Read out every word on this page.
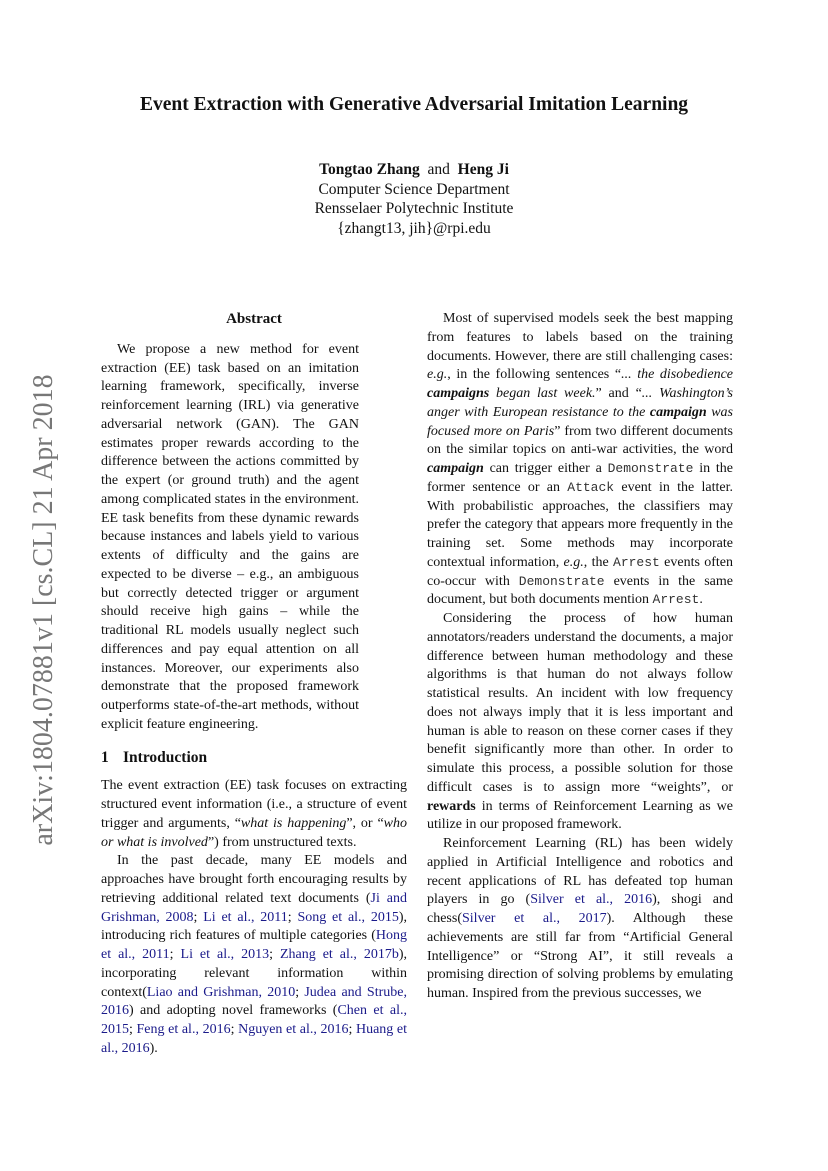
Event Extraction with Generative Adversarial Imitation Learning
Tongtao Zhang and Heng Ji
Computer Science Department
Rensselaer Polytechnic Institute
{zhangt13, jih}@rpi.edu
arXiv:1804.07881v1 [cs.CL] 21 Apr 2018
Abstract

We propose a new method for event extraction (EE) task based on an imitation learning framework, specifically, inverse reinforcement learning (IRL) via generative adversarial network (GAN). The GAN estimates proper rewards according to the difference between the actions committed by the expert (or ground truth) and the agent among complicated states in the environment. EE task benefits from these dynamic rewards because instances and labels yield to various extents of difficulty and the gains are expected to be diverse – e.g., an ambiguous but correctly detected trigger or argument should receive high gains – while the traditional RL models usually neglect such differences and pay equal attention on all instances. Moreover, our experiments also demonstrate that the proposed framework outperforms state-of-the-art methods, without explicit feature engineering.

1 Introduction

The event extraction (EE) task focuses on extracting structured event information (i.e., a structure of event trigger and arguments, “what is happening”, or “who or what is involved”) from unstructured texts.

In the past decade, many EE models and approaches have brought forth encouraging results by retrieving additional related text documents (Ji and Grishman, 2008; Li et al., 2011; Song et al., 2015), introducing rich features of multiple categories (Hong et al., 2011; Li et al., 2013; Zhang et al., 2017b), incorporating relevant information within context(Liao and Grishman, 2010; Judea and Strube, 2016) and adopting novel frameworks (Chen et al., 2015; Feng et al., 2016; Nguyen et al., 2016; Huang et al., 2016).

Most of supervised models seek the best mapping from features to labels based on the training documents. However, there are still challenging cases: e.g., in the following sentences “... the disobedience campaigns began last week.” and “... Washington’s anger with European resistance to the campaign was focused more on Paris” from two different documents on the similar topics on anti-war activities, the word campaign can trigger either a Demonstrate in the former sentence or an Attack event in the latter. With probabilistic approaches, the classifiers may prefer the category that appears more frequently in the training set. Some methods may incorporate contextual information, e.g., the Arrest events often co-occur with Demonstrate events in the same document, but both documents mention Arrest.

Considering the process of how human annotators/readers understand the documents, a major difference between human methodology and these algorithms is that human do not always follow statistical results. An incident with low frequency does not always imply that it is less important and human is able to reason on these corner cases if they benefit significantly more than other. In order to simulate this process, a possible solution for those difficult cases is to assign more “weights”, or rewards in terms of Reinforcement Learning as we utilize in our proposed framework.

Reinforcement Learning (RL) has been widely applied in Artificial Intelligence and robotics and recent applications of RL has defeated top human players in go (Silver et al., 2016), shogi and chess(Silver et al., 2017). Although these achievements are still far from “Artificial General Intelligence” or “Strong AI”, it still reveals a promising direction of solving problems by emulating human. Inspired from the previous successes, we
